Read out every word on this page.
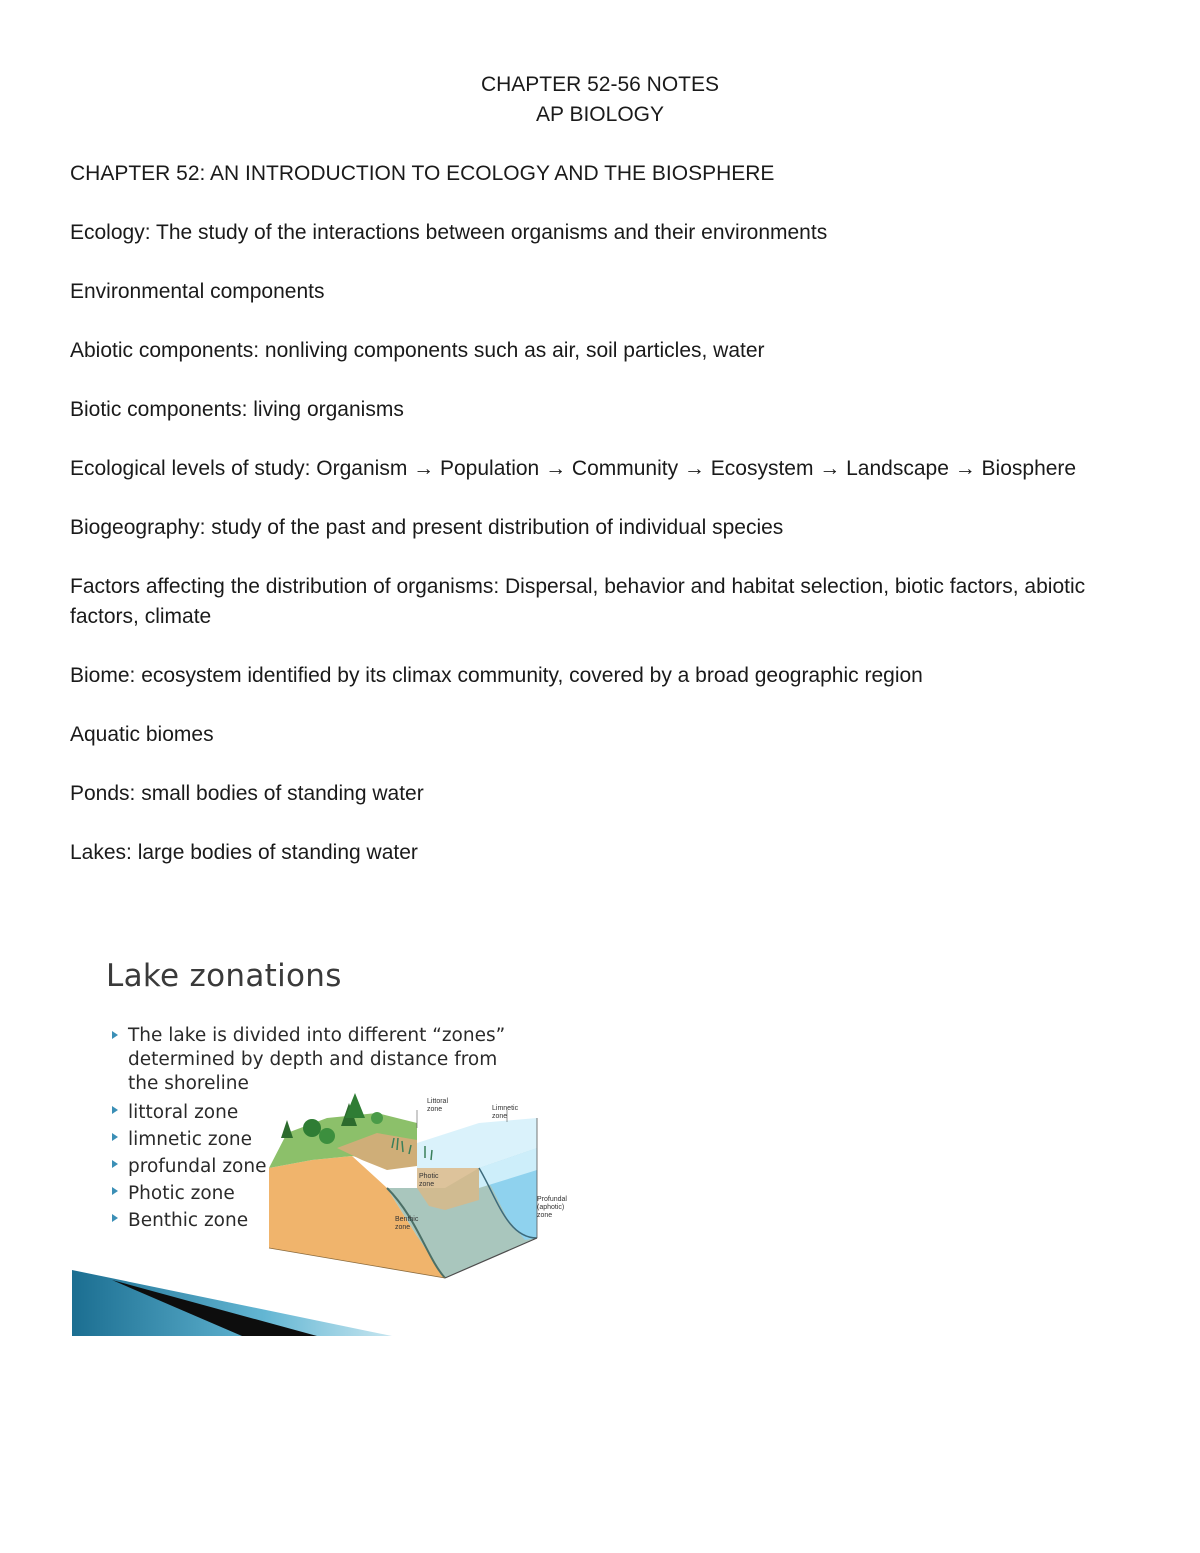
CHAPTER 52-56 NOTES
AP BIOLOGY

CHAPTER 52: AN INTRODUCTION TO ECOLOGY AND THE BIOSPHERE

Ecology: The study of the interactions between organisms and their environments

Environmental components

Abiotic components: nonliving components such as air, soil particles, water

Biotic components: living organisms

Ecological levels of study: Organism → Population → Community → Ecosystem → Landscape → Biosphere

Biogeography: study of the past and present distribution of individual species

Factors affecting the distribution of organisms: Dispersal, behavior and habitat selection, biotic factors, abiotic factors, climate

Biome: ecosystem identified by its climax community, covered by a broad geographic region

Aquatic biomes

Ponds: small bodies of standing water

Lakes: large bodies of standing water

Lake zonations
The lake is divided into different “zones” determined by depth and distance from the shoreline
littoral zone
limnetic zone
profundal zone
Photic zone
Benthic zone
Littoral
zone	Limnetic
zone
Photic
zone
Benthic
zone
Profundal
(aphotic)
zone
